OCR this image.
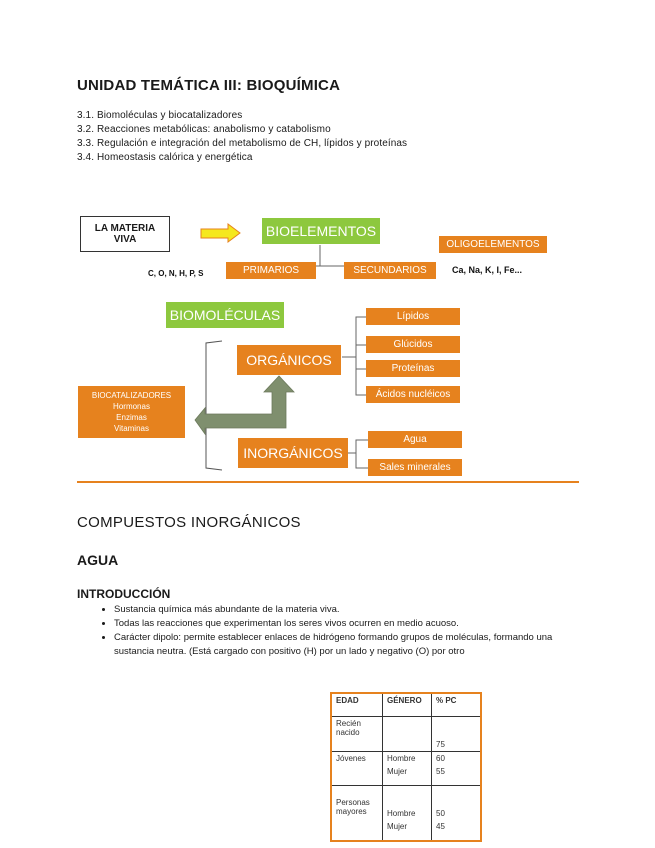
UNIDAD TEMÁTICA III: BIOQUÍMICA
3.1. Biomoléculas y biocatalizadores
3.2. Reacciones metabólicas: anabolismo y catabolismo
3.3. Regulación e integración del metabolismo de CH, lípidos y proteínas
3.4. Homeostasis calórica y energética
LA MATERIA VIVA
BIOELEMENTOS
PRIMARIOS	SECUNDARIOS
OLIGOELEMENTOS
C, O, N, H, P, S	Ca, Na, K, I, Fe...
BIOMOLÉCULAS
ORGÁNICOS
INORGÁNICOS
Lípidos
Glúcidos
Proteínas
Ácidos nucléicos
Agua
Sales minerales
BIOCATALIZADORES
Hormonas
Enzimas
Vitaminas
COMPUESTOS INORGÁNICOS
AGUA
INTRODUCCIÓN
• Sustancia química más abundante de la materia viva.
• Todas las reacciones que experimentan los seres vivos ocurren en medio acuoso.
• Carácter dipolo: permite establecer enlaces de hidrógeno formando grupos de moléculas, formando una sustancia neutra. (Está cargado con positivo (H) por un lado y negativo (O) por otro
EDAD	GÉNERO	% PC
Recién nacido		75
Jóvenes	Hombre	60
	Mujer	55
Personas mayores	Hombre	50
	Mujer	45
